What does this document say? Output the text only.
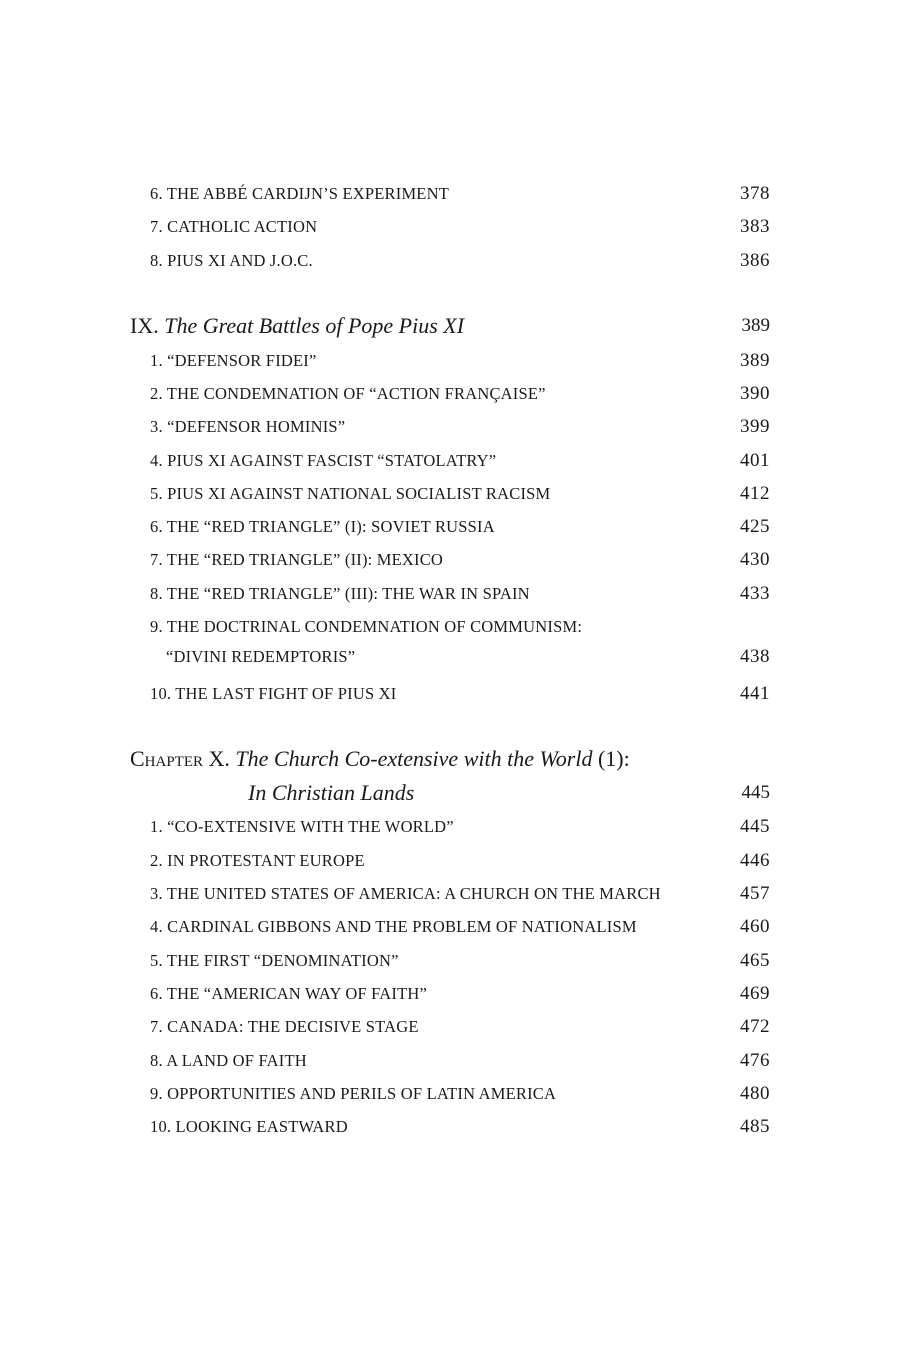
6. THE ABBÉ CARDIJN’S EXPERIMENT	378
7. CATHOLIC ACTION	383
8. PIUS XI AND J.O.C.	386
IX. The Great Battles of Pope Pius XI	389
1. “DEFENSOR FIDEI”	389
2. THE CONDEMNATION OF “ACTION FRANÇAISE”	390
3. “DEFENSOR HOMINIS”	399
4. PIUS XI AGAINST FASCIST “STATOLATRY”	401
5. PIUS XI AGAINST NATIONAL SOCIALIST RACISM	412
6. THE “RED TRIANGLE” (I): SOVIET RUSSIA	425
7. THE “RED TRIANGLE” (II): MEXICO	430
8. THE “RED TRIANGLE” (III): THE WAR IN SPAIN	433
9. THE DOCTRINAL CONDEMNATION OF COMMUNISM:
“DIVINI REDEMPTORIS”	438
10. THE LAST FIGHT OF PIUS XI	441
Chapter X. The Church Co-extensive with the World (1):
In Christian Lands	445
1. “CO-EXTENSIVE WITH THE WORLD”	445
2. IN PROTESTANT EUROPE	446
3. THE UNITED STATES OF AMERICA: A CHURCH ON THE MARCH	457
4. CARDINAL GIBBONS AND THE PROBLEM OF NATIONALISM	460
5. THE FIRST “DENOMINATION”	465
6. THE “AMERICAN WAY OF FAITH”	469
7. CANADA: THE DECISIVE STAGE	472
8. A LAND OF FAITH	476
9. OPPORTUNITIES AND PERILS OF LATIN AMERICA	480
10. LOOKING EASTWARD	485
